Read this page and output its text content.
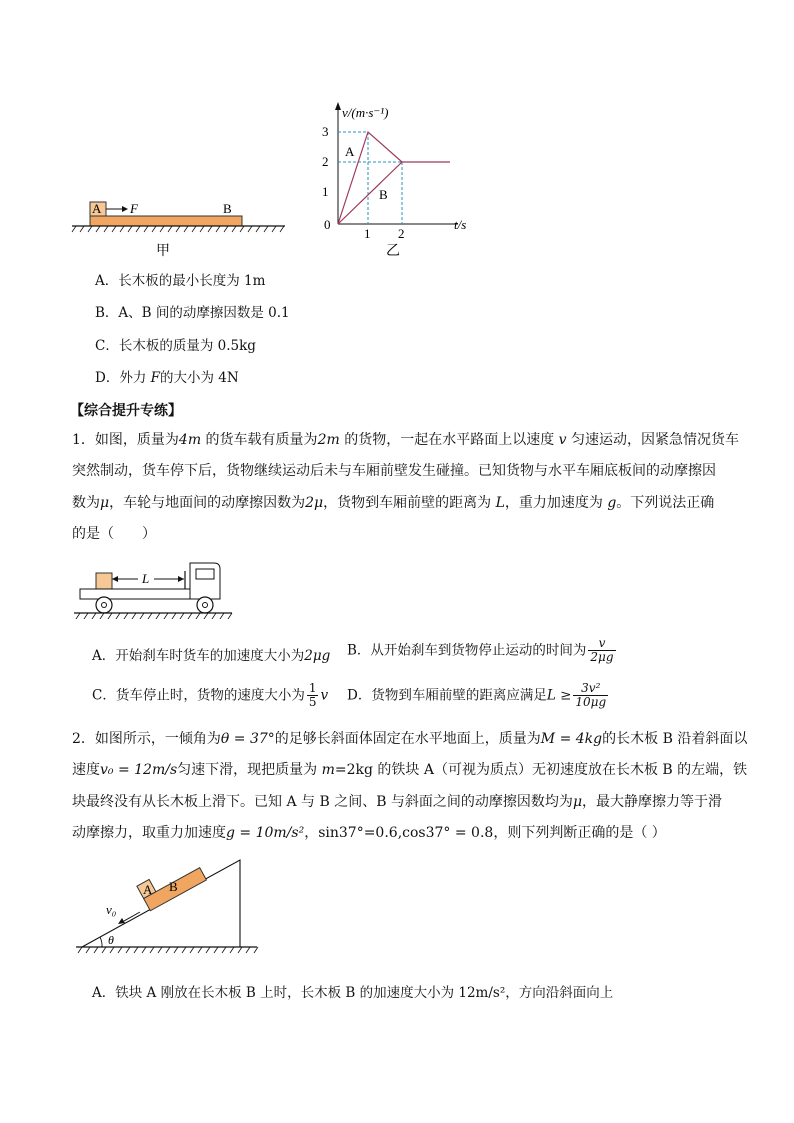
A F	B
甲
v/(m·s⁻¹)
t/s
3
2
1
0
1 2
A
B
乙
A．长木板的最小长度为 1m
B．A、B 间的动摩擦因数是 0.1
C．长木板的质量为 0.5kg
D．外力 F的大小为 4N
【综合提升专练】
1．如图，质量为4m 的货车载有质量为2m 的货物，一起在水平路面上以速度 v 匀速运动，因紧急情况货车
突然制动，货车停下后，货物继续运动后未与车厢前壁发生碰撞。已知货物与水平车厢底板间的动摩擦因
数为μ，车轮与地面间的动摩擦因数为2μ，货物到车厢前壁的距离为 L，重力加速度为 g。下列说法正确
的是（　　）
L
A．开始刹车时货车的加速度大小为2μg B．从开始刹车到货物停止运动的时间为 $\frac{v}{2\mu g}$
C．货车停止时，货物的速度大小为 $\frac{1}{5}$ v D．货物到车厢前壁的距离应满足$L \ge \frac{\text{3v²}}{10\mu g}$
2．如图所示，一倾角为θ = 37°的足够长斜面体固定在水平地面上，质量为M = 4kg的长木板 B 沿着斜面以
速度v₀ = 12m/s匀速下滑，现把质量为 m=2kg 的铁块 A（可视为质点）无初速度放在长木板 B 的左端，铁
块最终没有从长木板上滑下。已知 A 与 B 之间、B 与斜面之间的动摩擦因数均为μ，最大静摩擦力等于滑
动摩擦力，取重力加速度g = 10m/s²，sin37°=0.6,cos37° = 0.8，则下列判断正确的是（ ）
A B
v₀
θ
A．铁块 A 刚放在长木板 B 上时，长木板 B 的加速度大小为 12m/s²，方向沿斜面向上
